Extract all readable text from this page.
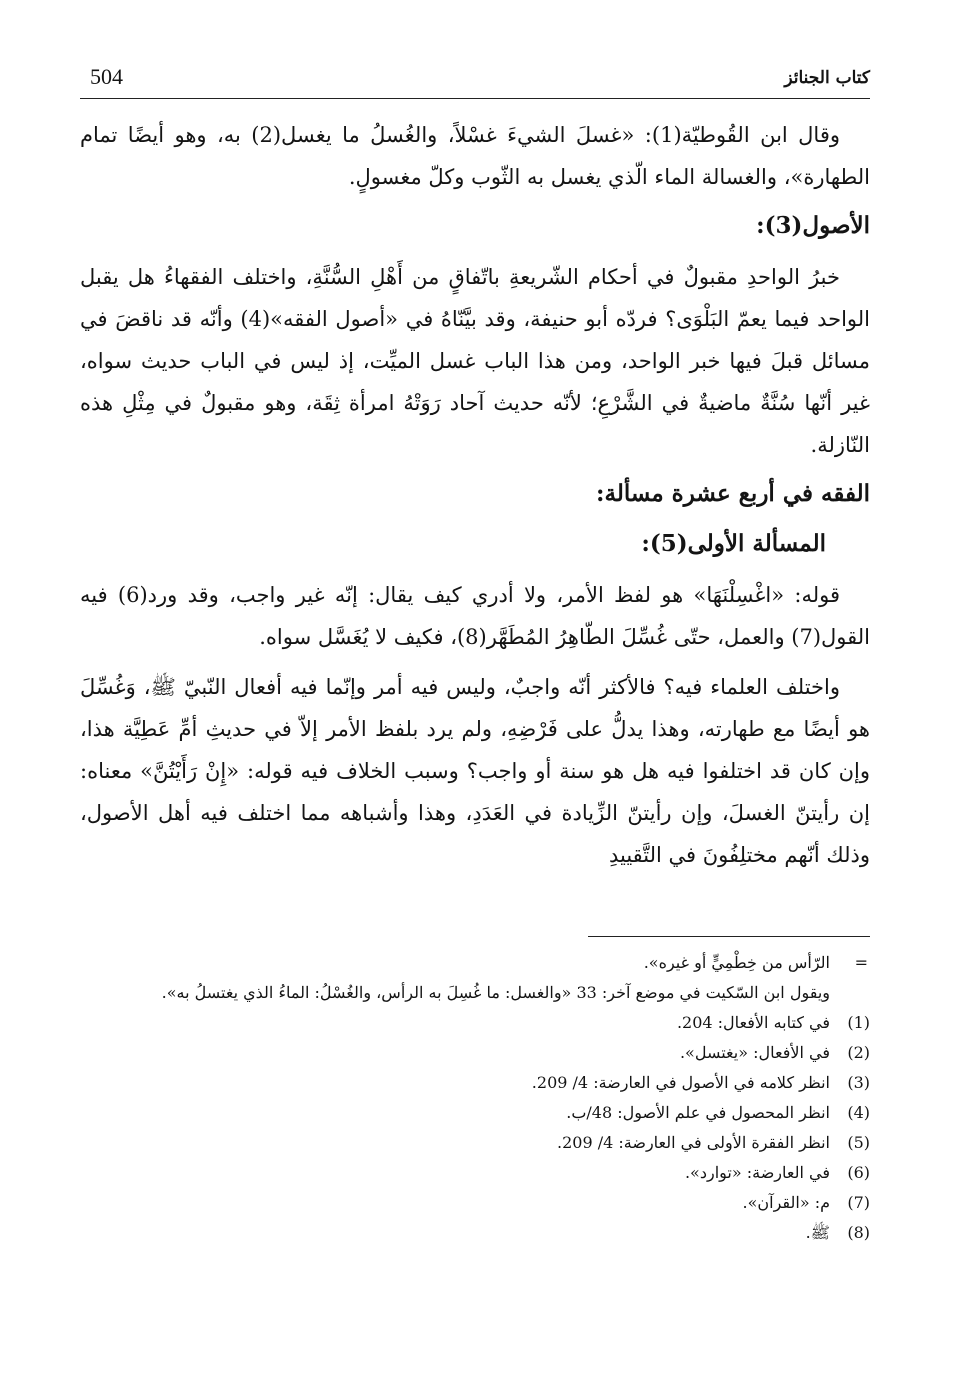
504	كتاب الجنائز

وقال ابن القُوطيّة(1): «غسلَ الشيءَ غسْلاً، والغُسلُ ما يغسل(2) به، وهو أيضًا تمام الطهارة»، والغسالة الماء الّذي يغسل به الثّوب وكلّ مغسولٍ.

الأصول(3):

خبرُ الواحدِ مقبولٌ في أحكام الشّريعةِ باتّفاقٍ من أَهْلِ السُّنَّةِ، واختلف الفقهاءُ هل يقبل الواحد فيما يعمّ البَلْوَى؟ فردّه أبو حنيفة، وقد بيَّنّاهُ في «أصول الفقه»(4) وأنّه قد ناقضَ في مسائل قبلَ فيها خبر الواحد، ومن هذا الباب غسل الميِّت، إذ ليس في الباب حديث سواه، غير أنّها سُنَّةٌ ماضيةٌ في الشَّرْعِ؛ لأنّه حديث آحاد رَوَتْهُ امرأة ثِقَة، وهو مقبولٌ في مِثْلِ هذه النّازلة.

الفقه في أربع عشرة مسألة:
المسألة الأولى(5):

قوله: «اغْسِلْنَهَا» هو لفظ الأمر، ولا أدري كيف يقال: إنّه غير واجب، وقد ورد(6) فيه القول(7) والعمل، حتّى غُسِّلَ الطّاهِرُ المُطَهَّر(8)، فكيف لا يُغَسَّل سواه.

واختلف العلماء فيه؟ فالأكثر أنّه واجبٌ، وليس فيه أمر وإنّما فيه أفعال النّبيّ ﷺ، وَغُسِّلَ هو أيضًا مع طهارته، وهذا يدلُّ على فَرْضِهِ، ولم يرد بلفظ الأمر إلاّ في حديثِ أمِّ عَطِيَّة هذا، وإن كان قد اختلفوا فيه هل هو سنة أو واجب؟ وسبب الخلاف فيه قوله: «إِنْ رَأَيْتُنَّ» معناه: إن رأيتنّ الغسلَ، وإن رأيتنّ الزِّيادة في العَدَدِ، وهذا وأشباهه مما اختلف فيه أهل الأصول، وذلك أنّهم مختلِفُونَ في التَّقييدِ

=
الرّأس من خِطْمِيٍّ أو غيره».
ويقول ابن السّكيت في موضع آخر: 33 «والغسل: ما غُسِلَ به الرأس، والغُسْلُ: الماءُ الذي يغتسلُ به».
(1)
في كتابه الأفعال: 204.
(2)
في الأفعال: «يغتسل».
(3)
انظر كلامه في الأصول في العارضة: 4/ 209.
(4)
انظر المحصول في علم الأصول: 48/ب.
(5)
انظر الفقرة الأولى في العارضة: 4/ 209.
(6)
في العارضة: «توارد».
(7)
م: «القرآن».
(8)
ﷺ.
